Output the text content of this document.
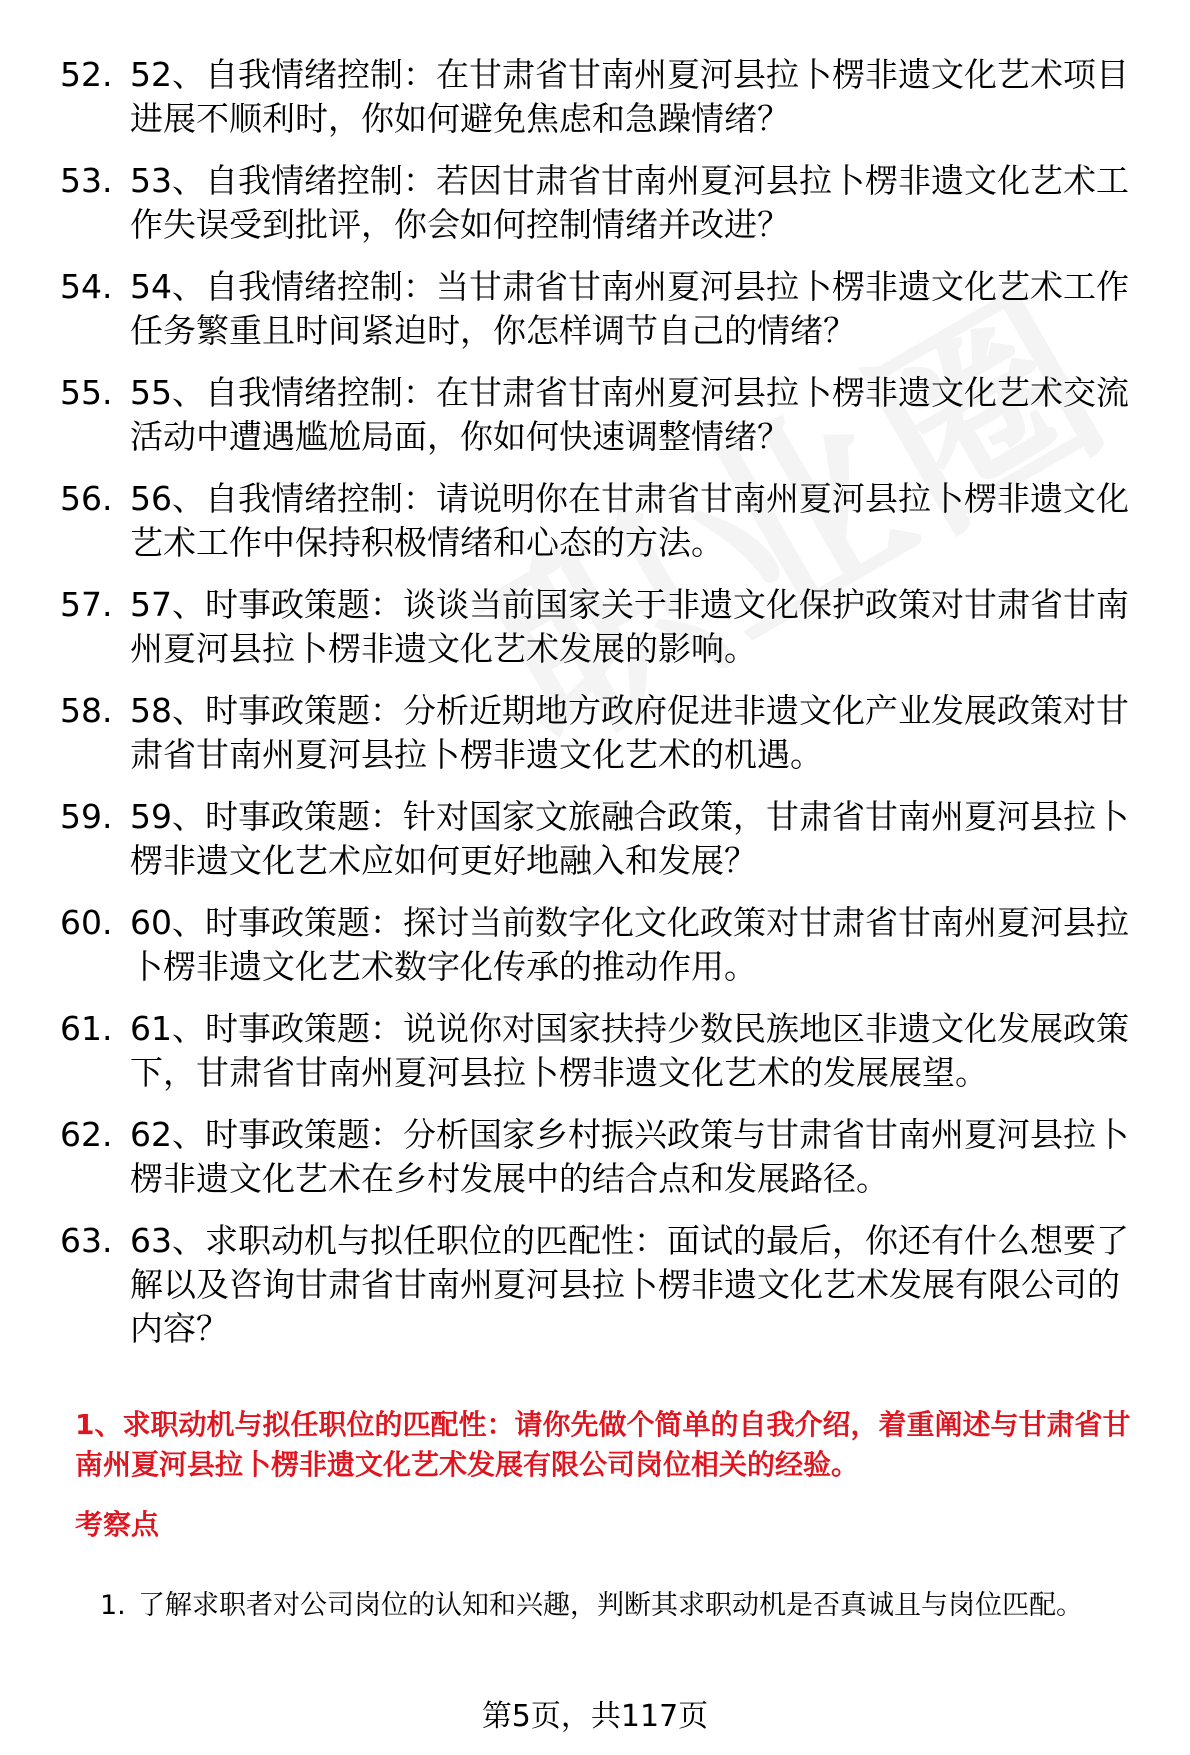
52. 52、自我情绪控制：在甘肃省甘南州夏河县拉卜楞非遗文化艺术项目进展不顺利时，你如何避免焦虑和急躁情绪？
53. 53、自我情绪控制：若因甘肃省甘南州夏河县拉卜楞非遗文化艺术工作失误受到批评，你会如何控制情绪并改进？
54. 54、自我情绪控制：当甘肃省甘南州夏河县拉卜楞非遗文化艺术工作任务繁重且时间紧迫时，你怎样调节自己的情绪？
55. 55、自我情绪控制：在甘肃省甘南州夏河县拉卜楞非遗文化艺术交流活动中遭遇尴尬局面，你如何快速调整情绪？
56. 56、自我情绪控制：请说明你在甘肃省甘南州夏河县拉卜楞非遗文化艺术工作中保持积极情绪和心态的方法。
57. 57、时事政策题：谈谈当前国家关于非遗文化保护政策对甘肃省甘南州夏河县拉卜楞非遗文化艺术发展的影响。
58. 58、时事政策题：分析近期地方政府促进非遗文化产业发展政策对甘肃省甘南州夏河县拉卜楞非遗文化艺术的机遇。
59. 59、时事政策题：针对国家文旅融合政策，甘肃省甘南州夏河县拉卜楞非遗文化艺术应如何更好地融入和发展？
60. 60、时事政策题：探讨当前数字化文化政策对甘肃省甘南州夏河县拉卜楞非遗文化艺术数字化传承的推动作用。
61. 61、时事政策题：说说你对国家扶持少数民族地区非遗文化发展政策下，甘肃省甘南州夏河县拉卜楞非遗文化艺术的发展展望。
62. 62、时事政策题：分析国家乡村振兴政策与甘肃省甘南州夏河县拉卜楞非遗文化艺术在乡村发展中的结合点和发展路径。
63. 63、求职动机与拟任职位的匹配性：面试的最后，你还有什么想要了解以及咨询甘肃省甘南州夏河县拉卜楞非遗文化艺术发展有限公司的内容？
1、求职动机与拟任职位的匹配性：请你先做个简单的自我介绍，着重阐述与甘肃省甘南州夏河县拉卜楞非遗文化艺术发展有限公司岗位相关的经验。
考察点
1. 了解求职者对公司岗位的认知和兴趣，判断其求职动机是否真诚且与岗位匹配。
第5页，共117页
